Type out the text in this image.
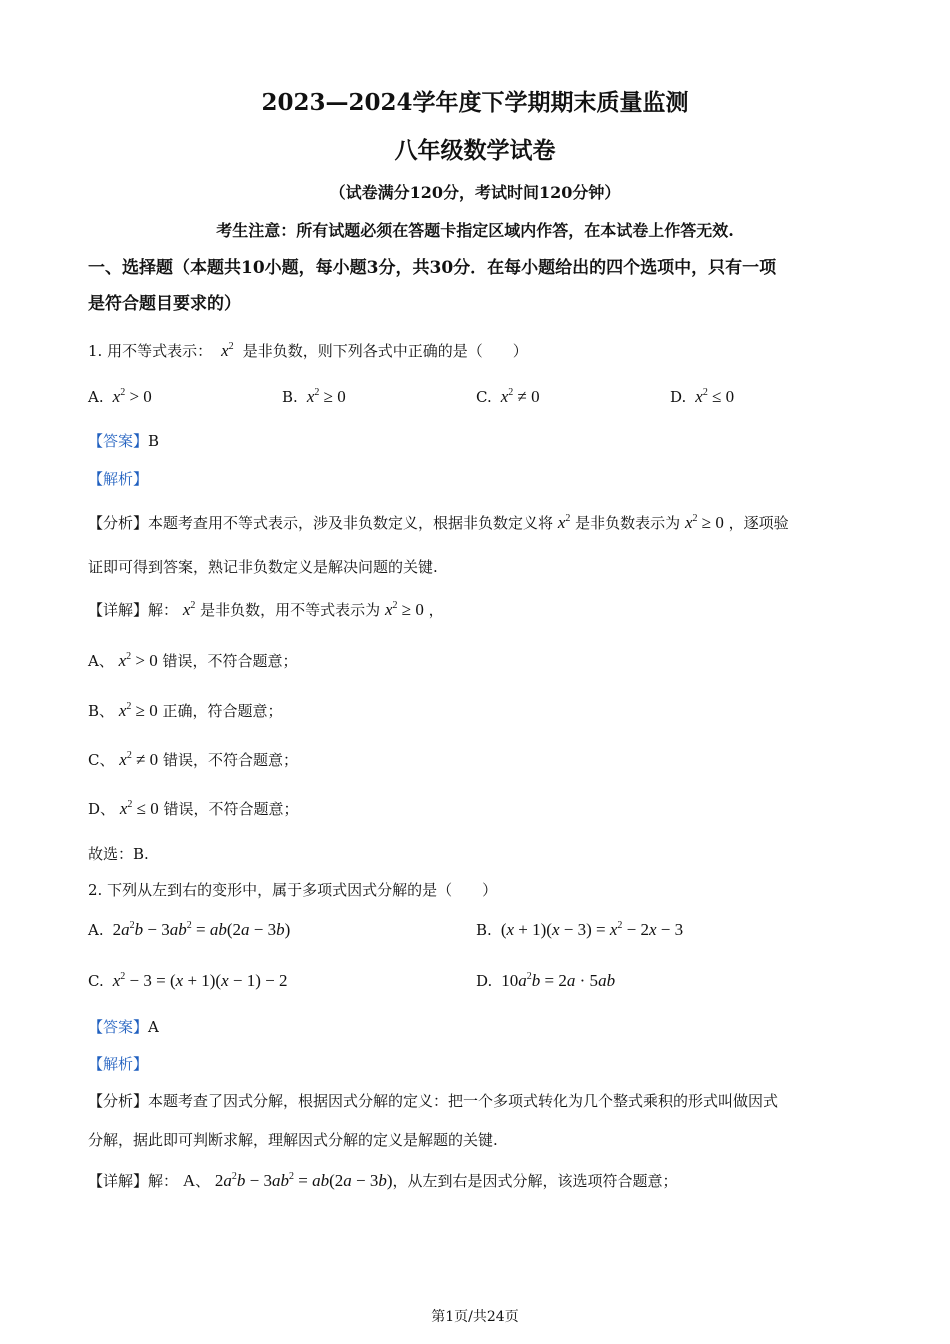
2023—2024学年度下学期期末质量监测
八年级数学试卷
（试卷满分120分，考试时间120分钟）
考生注意：所有试题必须在答题卡指定区域内作答，在本试卷上作答无效.
一、选择题（本题共10小题，每小题3分，共30分．在每小题给出的四个选项中，只有一项
是符合题目要求的）
1. 用不等式表示：  $x^2$ 是非负数，则下列各式中正确的是（　　）
A.  $x^2 > 0$	B.  $x^2 \ge 0$	C.  $x^2 \ne 0$	D.  $x^2 \le 0$
【答案】B
【解析】
【分析】本题考查用不等式表示，涉及非负数定义，根据非负数定义将 $x^2$ 是非负数表示为 $x^2 \ge 0$ ，逐项验
证即可得到答案，熟记非负数定义是解决问题的关键.
【详解】解： $x^2$ 是非负数，用不等式表示为 $x^2 \ge 0$ ，
A、 $x^2 > 0$ 错误，不符合题意；
B、 $x^2 \ge 0$ 正确，符合题意；
C、 $x^2 \ne 0$ 错误，不符合题意；
D、 $x^2 \le 0$ 错误，不符合题意；
故选：B.
2. 下列从左到右的变形中，属于多项式因式分解的是（　　）
A. $2a^2b - 3ab^2 = ab(2a - 3b)$	B. $(x + 1)(x - 3) = x^2 - 2x - 3$
C.  $x^2 - 3 = (x + 1)(x - 1) - 2$	D. $10a^2b = 2a \cdot 5ab$
【答案】A
【解析】
【分析】本题考查了因式分解，根据因式分解的定义：把一个多项式转化为几个整式乘积的形式叫做因式
分解，据此即可判断求解，理解因式分解的定义是解题的关键.
【详解】解： A、 $2a^2b - 3ab^2 = ab(2a - 3b)$，从左到右是因式分解，该选项符合题意；
第1页/共24页
